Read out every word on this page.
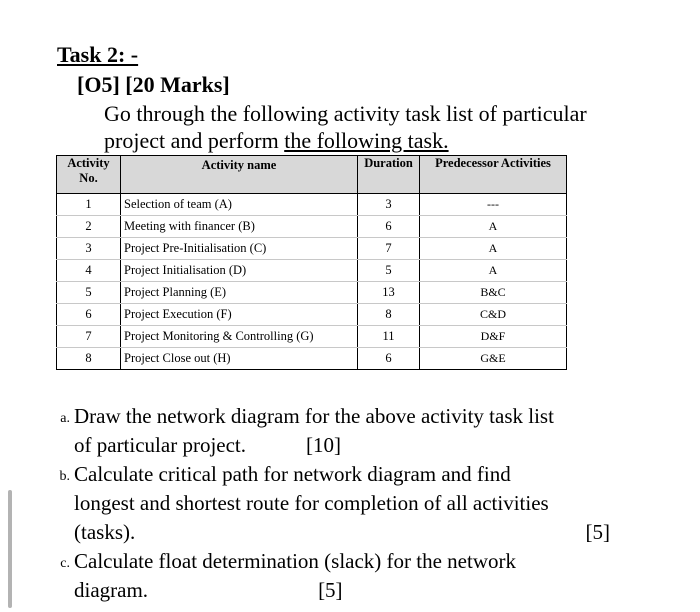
Task 2: -
[O5] [20 Marks]
Go through the following activity task list of particular
project and perform the following task.
Activity No.	Activity name	Duration	Predecessor Activities
1	Selection of team (A)	3	---
2	Meeting with financer (B)	6	A
3	Project Pre-Initialisation (C)	7	A
4	Project Initialisation (D)	5	A
5	Project Planning (E)	13	B&C
6	Project Execution (F)	8	C&D
7	Project Monitoring & Controlling (G)	11	D&F
8	Project Close out (H)	6	G&E
a. Draw the network diagram for the above activity task list
of particular project.	[10]
b. Calculate critical path for network diagram and find
longest and shortest route for completion of all activities
(tasks).	[5]
c. Calculate float determination (slack) for the network
diagram.	[5]
